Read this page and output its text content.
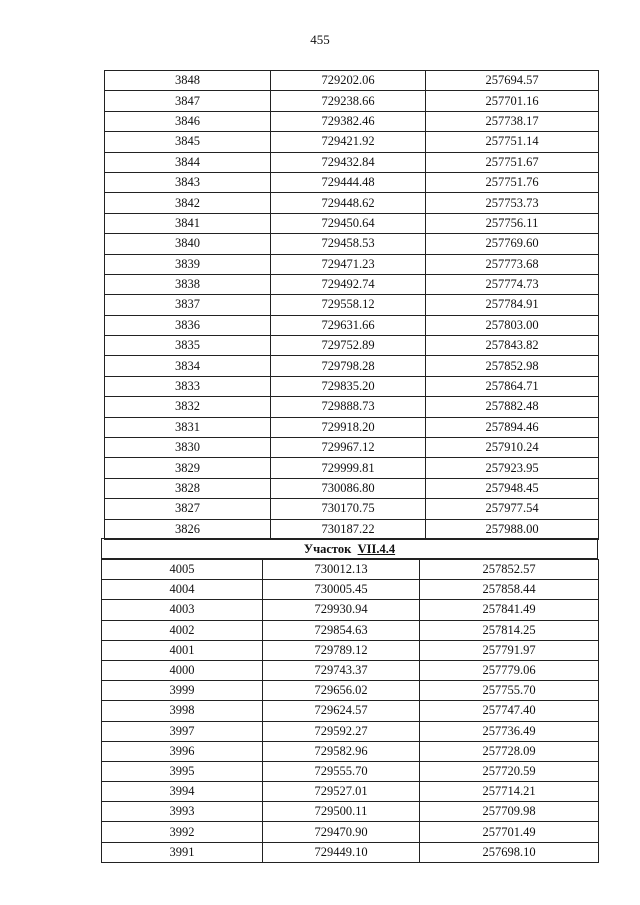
455
3848	729202.06	257694.57
3847	729238.66	257701.16
3846	729382.46	257738.17
3845	729421.92	257751.14
3844	729432.84	257751.67
3843	729444.48	257751.76
3842	729448.62	257753.73
3841	729450.64	257756.11
3840	729458.53	257769.60
3839	729471.23	257773.68
3838	729492.74	257774.73
3837	729558.12	257784.91
3836	729631.66	257803.00
3835	729752.89	257843.82
3834	729798.28	257852.98
3833	729835.20	257864.71
3832	729888.73	257882.48
3831	729918.20	257894.46
3830	729967.12	257910.24
3829	729999.81	257923.95
3828	730086.80	257948.45
3827	730170.75	257977.54
3826	730187.22	257988.00
Участок VII.4.4
4005	730012.13	257852.57
4004	730005.45	257858.44
4003	729930.94	257841.49
4002	729854.63	257814.25
4001	729789.12	257791.97
4000	729743.37	257779.06
3999	729656.02	257755.70
3998	729624.57	257747.40
3997	729592.27	257736.49
3996	729582.96	257728.09
3995	729555.70	257720.59
3994	729527.01	257714.21
3993	729500.11	257709.98
3992	729470.90	257701.49
3991	729449.10	257698.10
